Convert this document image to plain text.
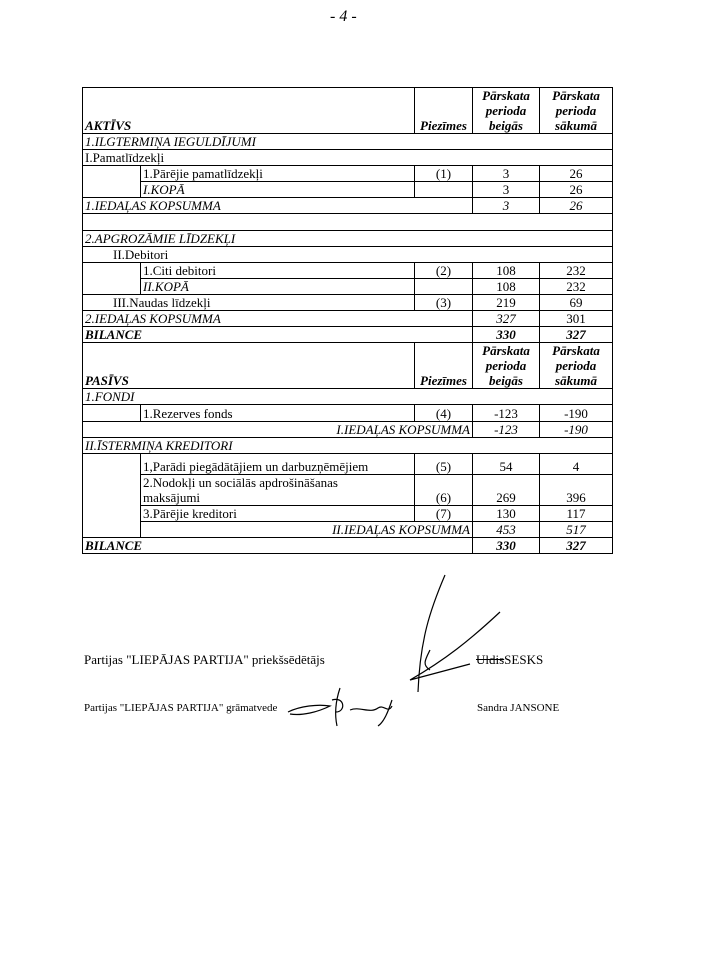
- 4 -
AKTĪVS		Piezīmes	Pārskata	Pārskata
			perioda	perioda
			beigās	sākumā
1.ILGTERMIŅA IEGULDĪJUMI				
I.Pamatlīdzekļi				
	1.Pārējie pamatlīdzekļi	(1)	3	26
	I.KOPĀ		3	26
1.IEDAĻAS KOPSUMMA			3	26

2.APGROZĀMIE LĪDZEKĻI				
II.Debitori				
	1.Citi debitori	(2)	108	232
	II.KOPĀ		108	232
III.Naudas līdzekļi		(3)	219	69
2.IEDAĻAS KOPSUMMA			327	301
BILANCE			330	327
PASĪVS		Piezīmes	Pārskata	Pārskata
			perioda	perioda
			beigās	sākumā
1.FONDI				
	1.Rezerves fonds	(4)	-123	-190
I.IEDAĻAS KOPSUMMA			-123	-190
II.ĪSTERMIŅA KREDITORI				
	1,Parādi piegādātājiem un darbuzņēmējiem	(5)	54	4
	2.Nodokļi un sociālās apdrošināšanas
maksājumi	(6)	269	396
	3.Pārējie kreditori	(7)	130	117
	II.IEDAĻAS KOPSUMMA		453	517
BILANCE			330	327
Partijas "LIEPĀJAS PARTIJA" priekšsēdētājs	UldisSESKS
Partijas "LIEPĀJAS PARTIJA" grāmatvede	Sandra JANSONE
